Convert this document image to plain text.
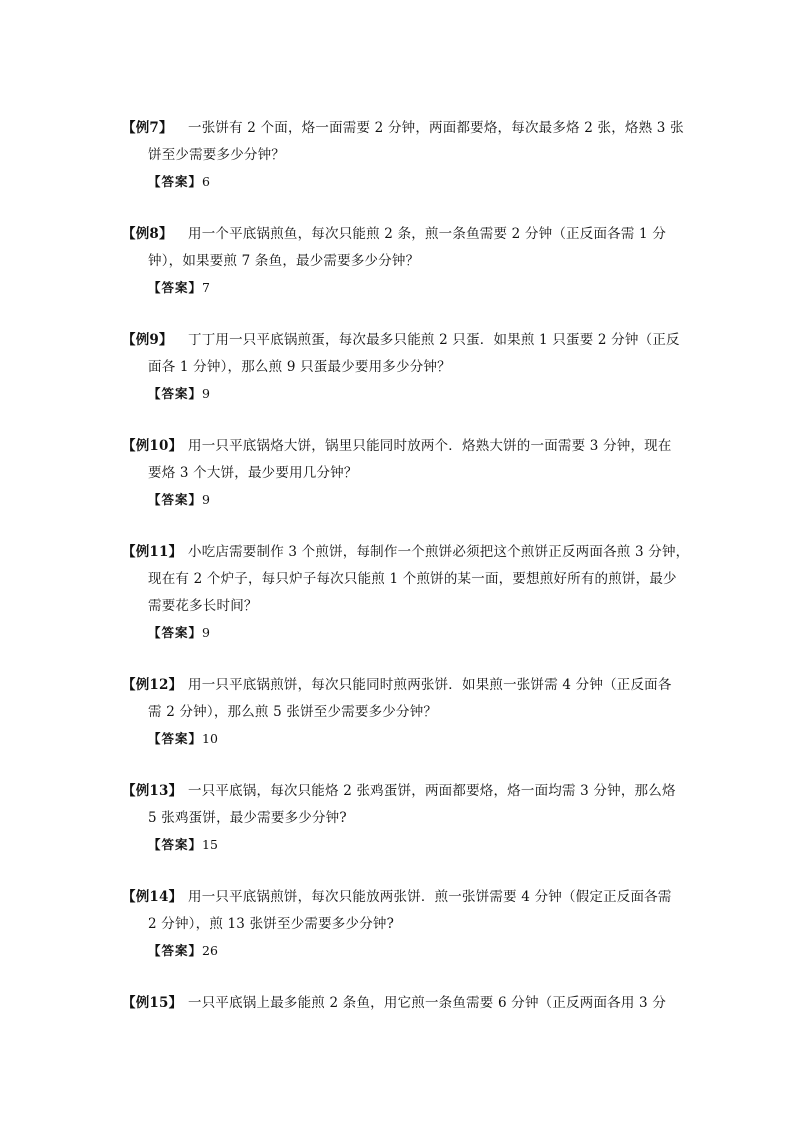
【例7】 一张饼有 2 个面，烙一面需要 2 分钟，两面都要烙，每次最多烙 2 张，烙熟 3 张
饼至少需要多少分钟？
【答案】6
【例8】 用一个平底锅煎鱼，每次只能煎 2 条，煎一条鱼需要 2 分钟（正反面各需 1 分
钟），如果要煎 7 条鱼，最少需要多少分钟？
【答案】7
【例9】 丁丁用一只平底锅煎蛋，每次最多只能煎 2 只蛋．如果煎 1 只蛋要 2 分钟（正反
面各 1 分钟），那么煎 9 只蛋最少要用多少分钟？
【答案】9
【例10】 用一只平底锅烙大饼，锅里只能同时放两个．烙熟大饼的一面需要 3 分钟，现在
要烙 3 个大饼，最少要用几分钟？
【答案】9
【例11】 小吃店需要制作 3 个煎饼，每制作一个煎饼必须把这个煎饼正反两面各煎 3 分钟，
现在有 2 个炉子，每只炉子每次只能煎 1 个煎饼的某一面，要想煎好所有的煎饼，最少
需要花多长时间？
【答案】9
【例12】 用一只平底锅煎饼，每次只能同时煎两张饼．如果煎一张饼需 4 分钟（正反面各
需 2 分钟），那么煎 5 张饼至少需要多少分钟？
【答案】10
【例13】 一只平底锅，每次只能烙 2 张鸡蛋饼，两面都要烙，烙一面均需 3 分钟，那么烙
5 张鸡蛋饼，最少需要多少分钟?
【答案】15
【例14】 用一只平底锅煎饼，每次只能放两张饼．煎一张饼需要 4 分钟（假定正反面各需
2 分钟），煎 13 张饼至少需要多少分钟?
【答案】26
【例15】 一只平底锅上最多能煎 2 条鱼，用它煎一条鱼需要 6 分钟（正反两面各用 3 分
